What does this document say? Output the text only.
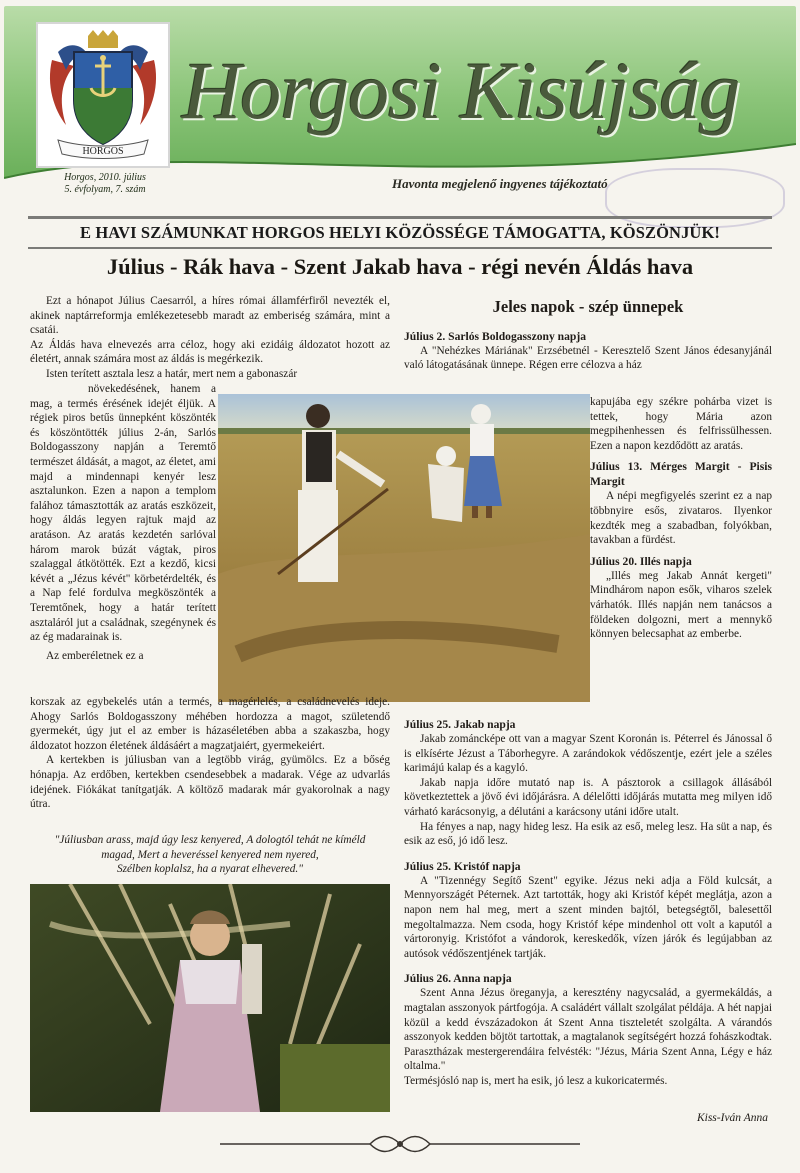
Horgosi Kisújság
HORGOS
Horgos, 2010. július
5. évfolyam, 7. szám	Havonta megjelenő ingyenes tájékoztató
E HAVI SZÁMUNKAT HORGOS HELYI KÖZÖSSÉGE TÁMOGATTA, KÖSZÖNJÜK!
Július - Rák hava - Szent Jakab hava - régi nevén Áldás hava

Ezt a hónapot Július Caesarról, a híres római államférfiről nevezték el, akinek naptárreformja emlékezetesebb maradt az emberiség számára, mint a csatái.

Az Áldás hava elnevezés arra céloz, hogy aki ezidáig áldozatot hozott az életért, annak számára most az áldás is megérkezik.

Isten terített asztala lesz a határ, mert nem a gabonaszár

növekedésének, hanem a mag, a termés érésének idejét éljük. A régiek piros betűs ünnepként köszönték és köszöntötték július 2-án, Sarlós Boldogasszony napján a Teremtő természet áldását, a magot, az életet, ami majd a mindennapi kenyér lesz asztalunkon. Ezen a napon a templom falához támasztották az aratás eszközeit, hogy áldás legyen rajtuk majd az aratáson. Az aratás kezdetén sarlóval három marok búzát vágtak, piros szalaggal átkötötték. Ezt a kezdő, kicsi kévét a „Jézus kévét" körbetérdelték, és a Nap felé fordulva megköszönték a Teremtőnek, hogy a határ terített asztaláról jut a családnak, szegénynek és az ég madarainak is.

Az emberéletnek ez a

korszak az egybekelés után a termés, a magérlelés, a családnevelés ideje. Ahogy Sarlós Boldogasszony méhében hordozza a magot, születendő gyermekét, úgy jut el az ember is házaséletében abba a szakaszba, hogy áldozatot hozzon életének áldásáért a magzatjaiért, gyermekeiért.

A kertekben is júliusban van a legtöbb virág, gyümölcs. Ez a bőség hónapja. Az erdőben, kertekben csendesebbek a madarak. Vége az udvarlás idejének. Fiókákat tanítgatják. A költöző madarak már gyakorolnak a nagy útra.

"Júliusban arass, majd úgy lesz kenyered, A dologtól tehát ne kíméld
magad, Mert a heveréssel kenyered nem nyered,
Szélben koplalsz, ha a nyarat elhevered."
Jeles napok - szép ünnepek
Július 2. Sarlós Boldogasszony napja

A "Nehézkes Máriának" Erzsébetnél - Keresztelő Szent János édesanyjánál való látogatásának ünnepe. Régen erre célozva a ház

kapujába egy székre pohárba vizet is tettek, hogy Mária azon megpihenhessen és felfrissülhessen. Ezen a napon kezdődött az aratás.

Július 13. Mérges Margit - Pisis Margit

A népi megfigyelés szerint ez a nap többnyire esős, zivataros. Ilyenkor kezdték meg a szabadban, folyókban, tavakban a fürdést.

Július 20. Illés napja

„Illés meg Jakab Annát kergeti" Mindhárom napon esők, viharos szelek várhatók. Illés napján nem tanácsos a földeken dolgozni, mert a mennykő könnyen belecsaphat az emberbe.

Július 25. Jakab napja

Jakab zománcképe ott van a magyar Szent Koronán is. Péterrel és Jánossal ő is elkísérte Jézust a Táborhegyre. A zarándokok védőszentje, ezért jele a széles karimájú kalap és a kagyló.

Jakab napja időre mutató nap is. A pásztorok a csillagok állásából következtettek a jövő évi időjárásra. A délelőtti időjárás mutatta meg milyen idő várható karácsonyig, a délutáni a karácsony utáni időre utalt.

Ha fényes a nap, nagy hideg lesz. Ha esik az eső, meleg lesz. Ha süt a nap, és esik az eső, jó idő lesz.

Július 25. Kristóf napja

A "Tizennégy Segítő Szent" egyike. Jézus neki adja a Föld kulcsát, a Mennyországét Péternek. Azt tartották, hogy aki Kristóf képét meglátja, azon a napon nem hal meg, mert a szent minden bajtól, betegségtől, balesettől megoltalmazza. Nem csoda, hogy Kristóf képe mindenhol ott volt a kaputól a vártoronyig. Kristófot a vándorok, kereskedők, vízen járók és legújabban az autósok védőszentjének tartják.

Július 26. Anna napja

Szent Anna Jézus öreganyja, a keresztény nagycsalád, a gyermekáldás, a magtalan asszonyok pártfogója. A családért vállalt szolgálat példája. A hét napjai közül a kedd évszázadokon át Szent Anna tiszteletét szolgálta. A várandós asszonyok kedden böjtöt tartottak, a magtalanok segítségért hozzá fohászkodtak. Parasztházak mestergerendáira felvésték: "Jézus, Mária Szent Anna, Légy e ház oltalma."

Termésjósló nap is, mert ha esik, jó lesz a kukoricatermés.

Kiss-Iván Anna
